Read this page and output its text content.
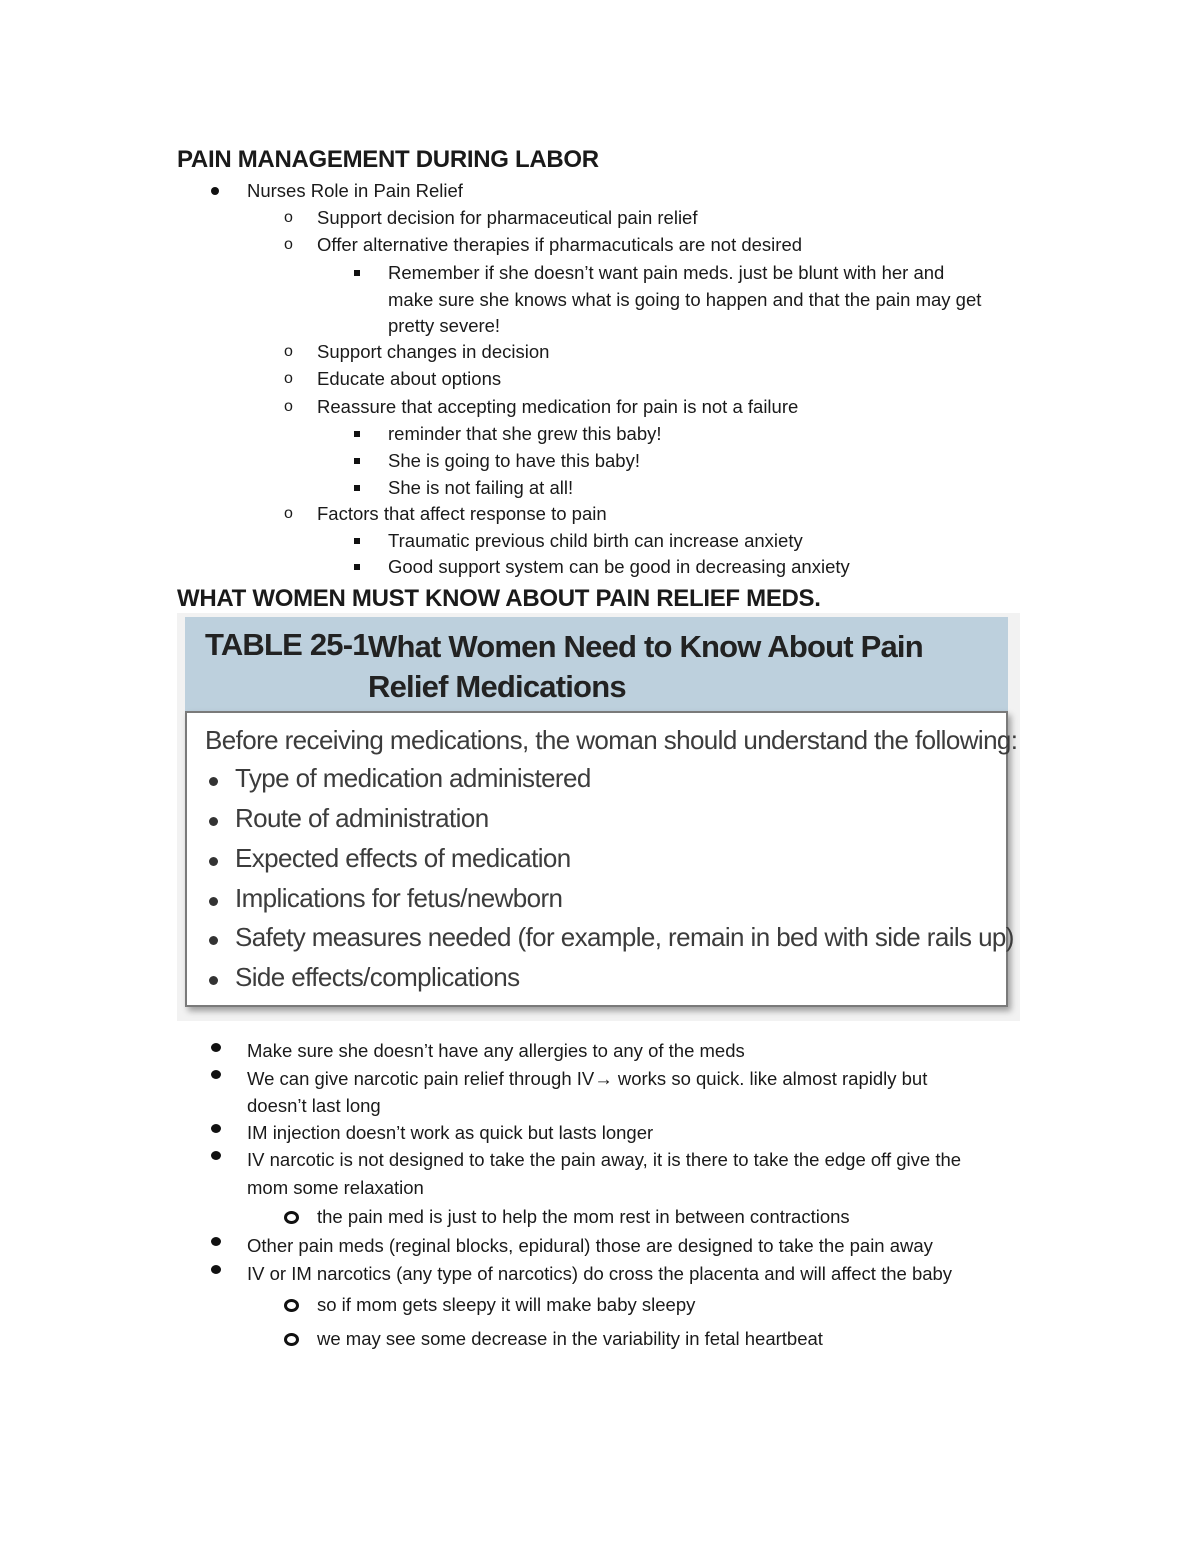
PAIN MANAGEMENT DURING LABOR
Nurses Role in Pain Relief
o Support decision for pharmaceutical pain relief
o Offer alternative therapies if pharmacuticals are not desired
Remember if she doesn’t want pain meds. just be blunt with her and
make sure she knows what is going to happen and that the pain may get
pretty severe!
o Support changes in decision
o Educate about options
o Reassure that accepting medication for pain is not a failure
reminder that she grew this baby!
She is going to have this baby!
She is not failing at all!
o Factors that affect response to pain
Traumatic previous child birth can increase anxiety
Good support system can be good in decreasing anxiety
WHAT WOMEN MUST KNOW ABOUT PAIN RELIEF MEDS.
TABLE 25-1 What Women Need to Know About Pain
Relief Medications
Before receiving medications, the woman should understand the following:
Type of medication administered
Route of administration
Expected effects of medication
Implications for fetus/newborn
Safety measures needed (for example, remain in bed with side rails up)
Side effects/complications
Make sure she doesn’t have any allergies to any of the meds
We can give narcotic pain relief through IV→ works so quick. like almost rapidly but
doesn’t last long
IM injection doesn’t work as quick but lasts longer
IV narcotic is not designed to take the pain away, it is there to take the edge off give the
mom some relaxation
the pain med is just to help the mom rest in between contractions
Other pain meds (reginal blocks, epidural) those are designed to take the pain away
IV or IM narcotics (any type of narcotics) do cross the placenta and will affect the baby
so if mom gets sleepy it will make baby sleepy
we may see some decrease in the variability in fetal heartbeat
